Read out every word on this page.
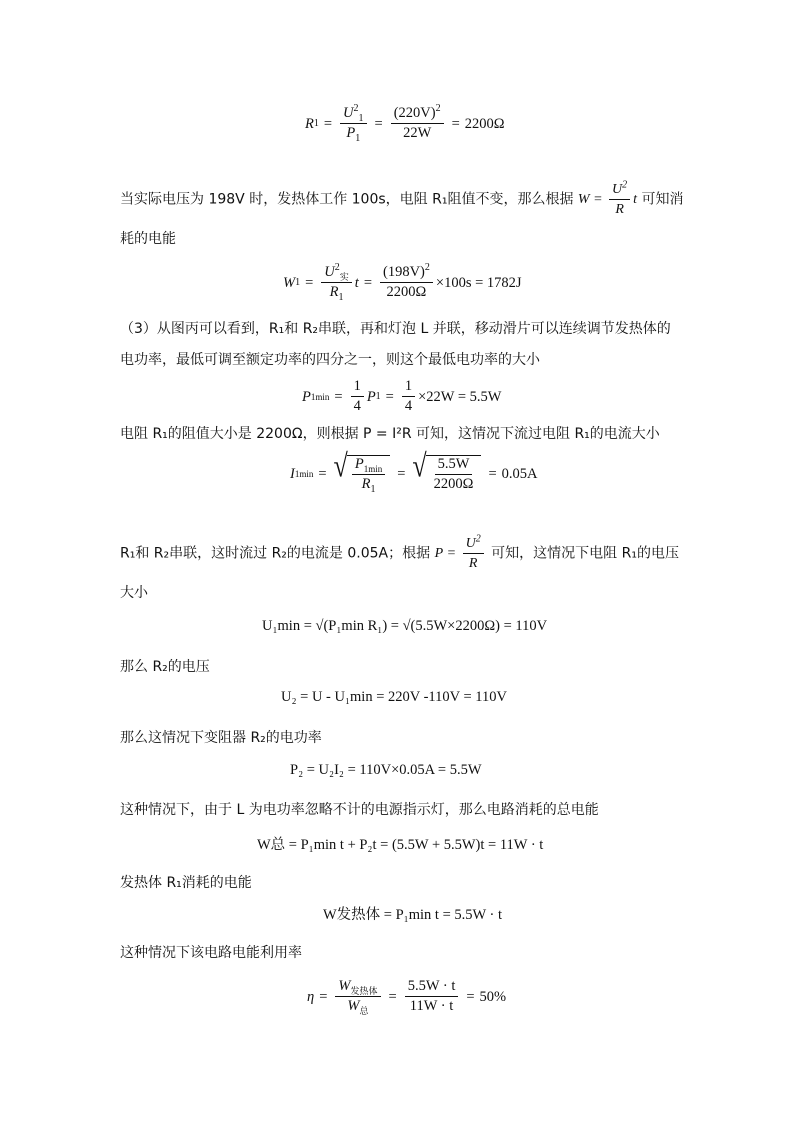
R $1 = \frac{U^2_1}{P_1} = \frac{(220V)^2}{22W} = 2200\Omega$
当实际电压为 198V 时，发热体工作 100s，电阻 R₁阻值不变，那么根据 $W = \frac{U^2}{R}$ t 可知消
耗的电能
W $1 = \frac{U^2_实}{R_1}$ $t = \frac{(198V)^2}{2200\Omega} \times 100s = 1782J$
（3）从图丙可以看到，R₁和 R₂串联，再和灯泡 L 并联，移动滑片可以连续调节发热体的
电功率，最低可调至额定功率的四分之一，则这个最低电功率的大小
P $1\min = \frac{1}{4}$ P $1 = \frac{1}{4} \times 22W = 5.5W$
电阻 R₁的阻值大小是 2200Ω，则根据 P = I²R 可知，这情况下流过电阻 R₁的电流大小
I 1min = √ $\frac{P_{1min}}{R_1}$ = √ $\frac{5.5W}{2200\Omega} = 0.05A$
R₁和 R₂串联，这时流过 R₂的电流是 0.05A；根据 $P = \frac{U^2}{R}$ 可知，这情况下电阻 R₁的电压
大小
U₁min = √(P₁min R₁) = √(5.5W×2200Ω) = 110V
那么 R₂的电压
U₂ = U - U₁min = 220V -110V = 110V
那么这情况下变阻器 R₂的电功率
P₂ = U₂I₂ = 110V×0.05A = 5.5W
这种情况下，由于 L 为电功率忽略不计的电源指示灯，那么电路消耗的总电能
W总 = P₁min t + P₂t = (5.5W + 5.5W)t = 11W · t
发热体 R₁消耗的电能
W发热体 = P₁min t = 5.5W · t
这种情况下该电路电能利用率
$\eta = \frac{W_{发热体}}{W_总} = \frac{5.5W \cdot t}{11W \cdot t} = 50\%$
